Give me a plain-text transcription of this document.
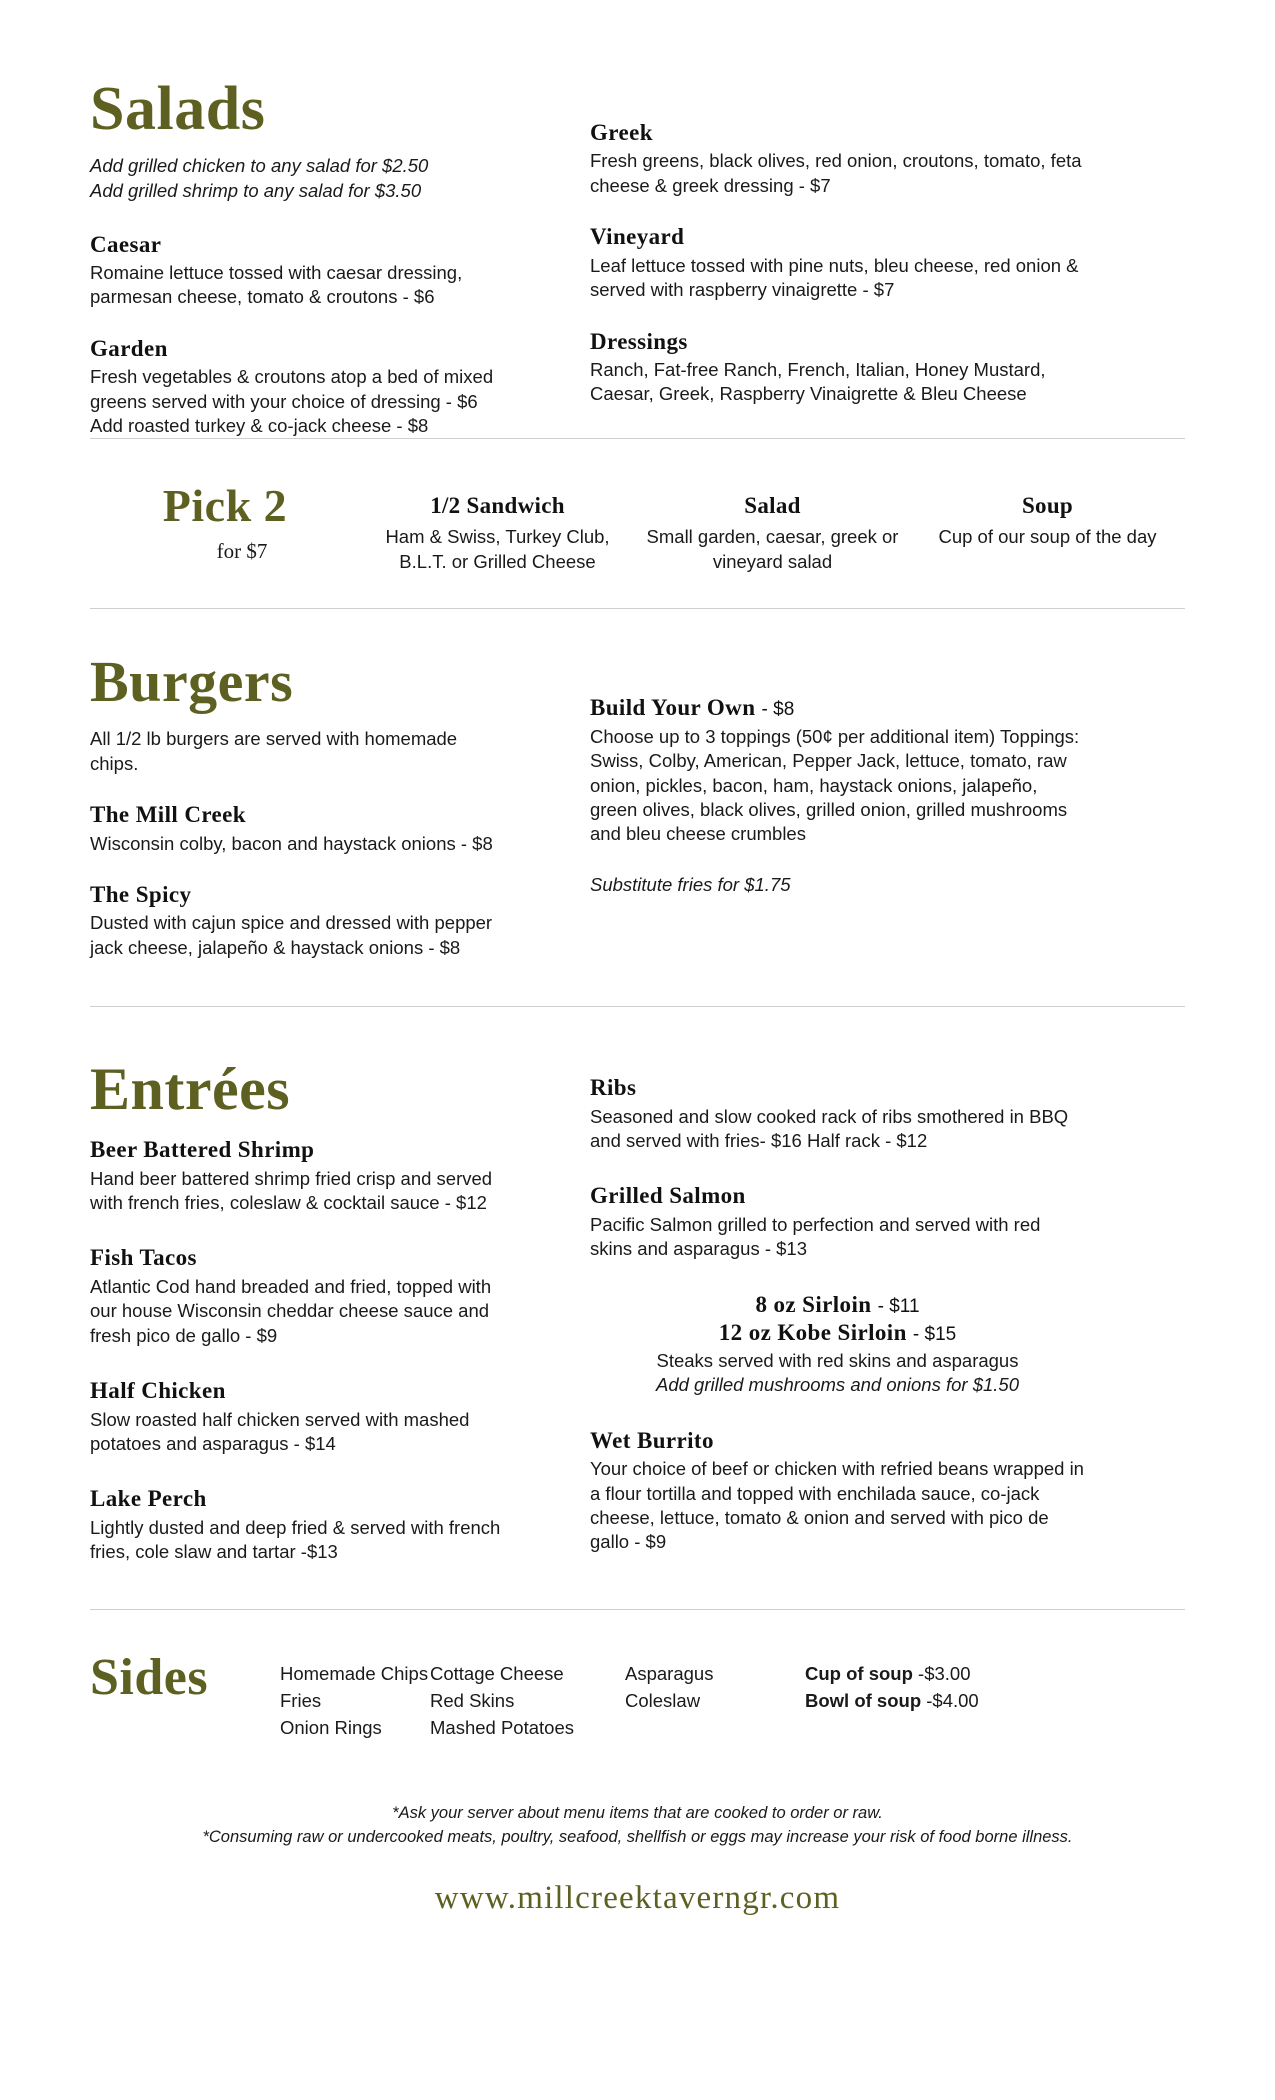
Salads

Add grilled chicken to any salad for $2.50

Add grilled shrimp to any salad for $3.50

Caesar

Romaine lettuce tossed with caesar dressing, parmesan cheese, tomato & croutons - $6

Garden

Fresh vegetables & croutons atop a bed of mixed greens served with your choice of dressing - $6 Add roasted turkey & co-jack cheese - $8

Greek

Fresh greens, black olives, red onion, croutons, tomato, feta cheese & greek dressing - $7

Vineyard

Leaf lettuce tossed with pine nuts, bleu cheese, red onion & served with raspberry vinaigrette - $7

Dressings

Ranch, Fat-free Ranch, French, Italian, Honey Mustard, Caesar, Greek, Raspberry Vinaigrette & Bleu Cheese

Pick 2
for $7
1/2 Sandwich

Ham & Swiss, Turkey Club, B.L.T. or Grilled Cheese

Salad

Small garden, caesar, greek or vineyard salad

Soup

Cup of our soup of the day

Burgers

All 1/2 lb burgers are served with homemade chips.

The Mill Creek

Wisconsin colby, bacon and haystack onions - $8

The Spicy

Dusted with cajun spice and dressed with pepper jack cheese, jalapeño & haystack onions - $8

Build Your Own - $8

Choose up to 3 toppings (50¢ per additional item) Toppings: Swiss, Colby, American, Pepper Jack, lettuce, tomato, raw onion, pickles, bacon, ham, haystack onions, jalapeño, green olives, black olives, grilled onion, grilled mushrooms and bleu cheese crumbles

Substitute fries for $1.75

Entrées
Beer Battered Shrimp

Hand beer battered shrimp fried crisp and served with french fries, coleslaw & cocktail sauce - $12

Fish Tacos

Atlantic Cod hand breaded and fried, topped with our house Wisconsin cheddar cheese sauce and fresh pico de gallo - $9

Half Chicken

Slow roasted half chicken served with mashed potatoes and asparagus - $14

Lake Perch

Lightly dusted and deep fried & served with french fries, cole slaw and tartar -$13

Ribs

Seasoned and slow cooked rack of ribs smothered in BBQ and served with fries- $16 Half rack - $12

Grilled Salmon

Pacific Salmon grilled to perfection and served with red skins and asparagus - $13

8 oz Sirloin - $11
12 oz Kobe Sirloin - $15

Steaks served with red skins and asparagus

Add grilled mushrooms and onions for $1.50

Wet Burrito

Your choice of beef or chicken with refried beans wrapped in a flour tortilla and topped with enchilada sauce, co-jack cheese, lettuce, tomato & onion and served with pico de gallo - $9

Sides	Homemade Chips
Fries
Onion Rings
Cottage Cheese
Red Skins
Mashed Potatoes
Asparagus
Coleslaw
Cup of soup -$3.00
Bowl of soup -$4.00

*Ask your server about menu items that are cooked to order or raw.

*Consuming raw or undercooked meats, poultry, seafood, shellfish or eggs may increase your risk of food borne illness.

www.millcreektaverngr.com
